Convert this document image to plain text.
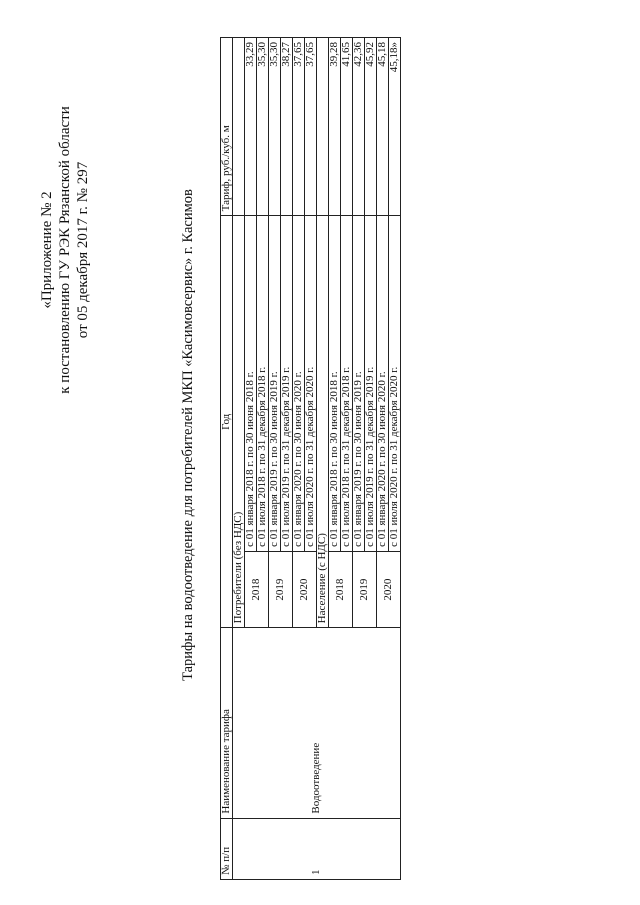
«Приложение № 2 к постановлению ГУ РЭК Рязанской области от 05 декабря 2017 г. № 297	Тарифы на водоотведение для потребителей МКП «Касимовсервис» г. Касимов
№ п/п	Наименование тарифа	Год		Тариф, руб./куб. м
1	Водоотведение	Потребители (без НДС)		
		2018	с 01 января 2018 г. по 30 июня 2018 г.	33,29
			с 01 июля 2018 г. по 31 декабря 2018 г.	35,30
		2019	с 01 января 2019 г. по 30 июня 2019 г.	35,30
			с 01 июля 2019 г. по 31 декабря 2019 г.	38,27
		2020	с 01 января 2020 г. по 30 июня 2020 г.	37,65
			с 01 июля 2020 г. по 31 декабря 2020 г.	37,65
		Население (с НДС)		
		2018	с 01 января 2018 г. по 30 июня 2018 г.	39,28
			с 01 июля 2018 г. по 31 декабря 2018 г.	41,65
		2019	с 01 января 2019 г. по 30 июня 2019 г.	42,36
			с 01 июля 2019 г. по 31 декабря 2019 г.	45,92
		2020	с 01 января 2020 г. по 30 июня 2020 г.	45,18
			с 01 июля 2020 г. по 31 декабря 2020 г.	45,18»
